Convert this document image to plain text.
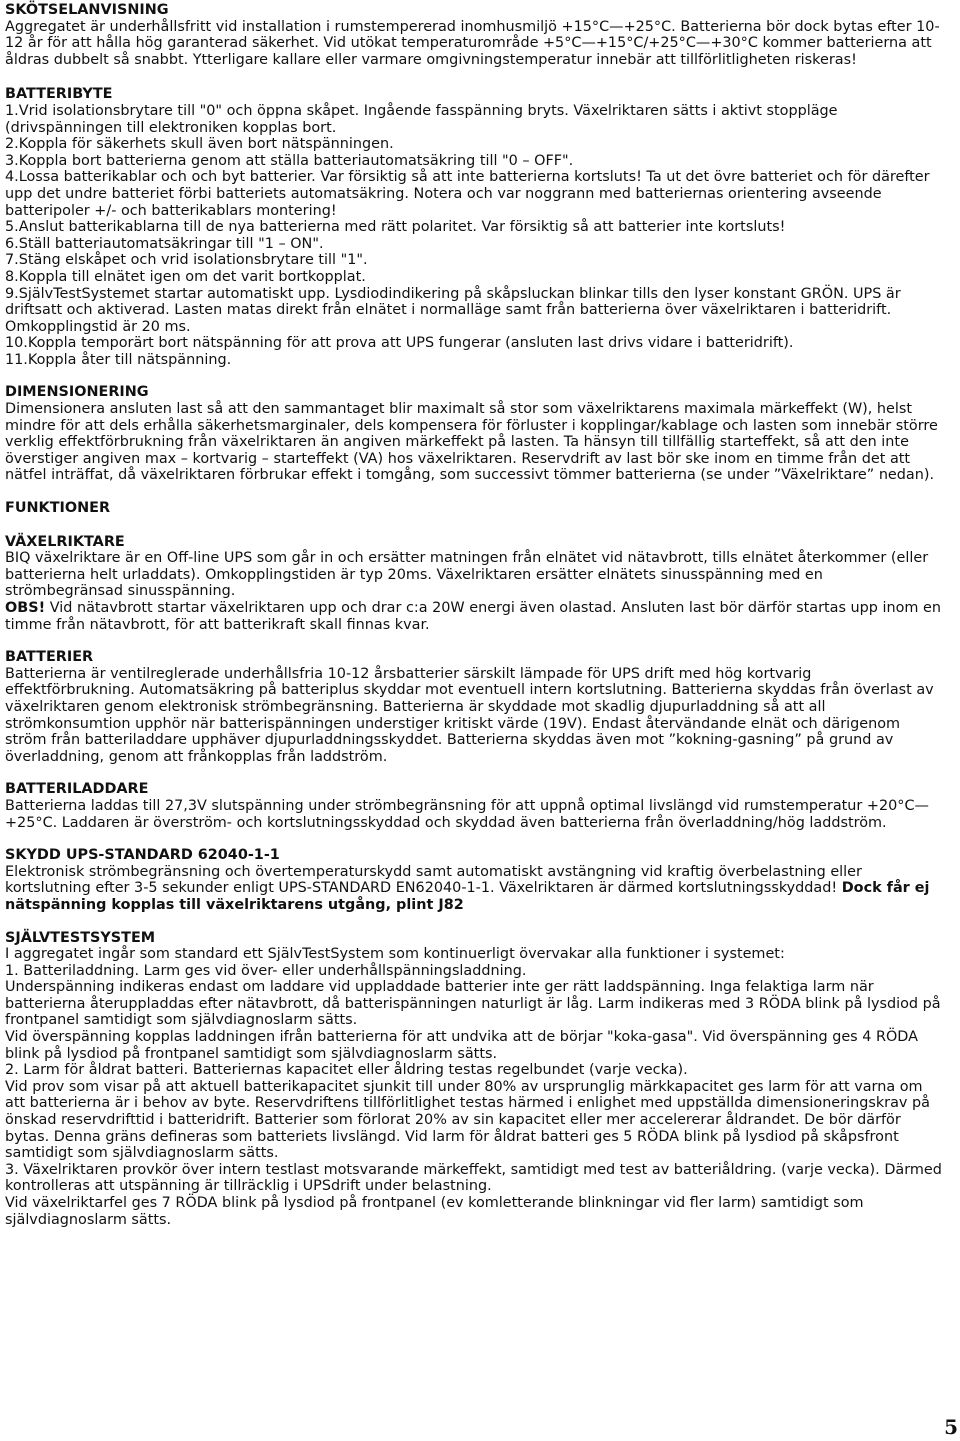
SKÖTSELANVISNING

Aggregatet är underhållsfritt vid installation i rumstempererad inomhusmiljö +15°C—+25°C. Batterierna bör dock bytas efter 10-12 år för att hålla hög garanterad säkerhet. Vid utökat temperaturområde +5°C—+15°C/+25°C—+30°C kommer batterierna att åldras dubbelt så snabbt. Ytterligare kallare eller varmare omgivningstemperatur innebär att tillförlitligheten riskeras!

BATTERIBYTE

1.Vrid isolationsbrytare till "0" och öppna skåpet. Ingående fasspänning bryts. Växelriktaren sätts i aktivt stoppläge (drivspänningen till elektroniken kopplas bort.

2.Koppla för säkerhets skull även bort nätspänningen.

3.Koppla bort batterierna genom att ställa batteriautomatsäkring till "0 – OFF".

4.Lossa batterikablar och och byt batterier. Var försiktig så att inte batterierna kortsluts! Ta ut det övre batteriet och för därefter upp det undre batteriet förbi batteriets automatsäkring. Notera och var noggrann med batteriernas orientering avseende batteripoler +/- och batterikablars montering!

5.Anslut batterikablarna till de nya batterierna med rätt polaritet. Var försiktig så att batterier inte kortsluts!

6.Ställ batteriautomatsäkringar till "1 – ON".

7.Stäng elskåpet och vrid isolationsbrytare till "1".

8.Koppla till elnätet igen om det varit bortkopplat.

9.SjälvTestSystemet startar automatiskt upp. Lysdiodindikering på skåpsluckan blinkar tills den lyser konstant GRÖN. UPS är driftsatt och aktiverad. Lasten matas direkt från elnätet i normalläge samt från batterierna över växelriktaren i batteridrift. Omkopplingstid är 20 ms.

10.Koppla temporärt bort nätspänning för att prova att UPS fungerar (ansluten last drivs vidare i batteridrift).

11.Koppla åter till nätspänning.

DIMENSIONERING

Dimensionera ansluten last så att den sammantaget blir maximalt så stor som växelriktarens maximala märkeffekt (W), helst mindre för att dels erhålla säkerhetsmarginaler, dels kompensera för förluster i kopplingar/kablage och lasten som innebär större verklig effektförbrukning från växelriktaren än angiven märkeffekt på lasten. Ta hänsyn till tillfällig starteffekt, så att den inte överstiger angiven max – kortvarig – starteffekt (VA) hos växelriktaren. Reservdrift av last bör ske inom en timme från det att nätfel inträffat, då växelriktaren förbrukar effekt i tomgång, som successivt tömmer batterierna (se under ”Växelriktare” nedan).

FUNKTIONER
VÄXELRIKTARE

BIQ växelriktare är en Off-line UPS som går in och ersätter matningen från elnätet vid nätavbrott, tills elnätet återkommer (eller batterierna helt urladdats). Omkopplingstiden är typ 20ms. Växelriktaren ersätter elnätets sinusspänning med en strömbegränsad sinusspänning.

OBS! Vid nätavbrott startar växelriktaren upp och drar c:a 20W energi även olastad. Ansluten last bör därför startas upp inom en timme från nätavbrott, för att batterikraft skall finnas kvar.

BATTERIER

Batterierna är ventilreglerade underhållsfria 10-12 årsbatterier särskilt lämpade för UPS drift med hög kortvarig effektförbrukning. Automatsäkring på batteriplus skyddar mot eventuell intern kortslutning. Batterierna skyddas från överlast av växelriktaren genom elektronisk strömbegränsning. Batterierna är skyddade mot skadlig djupurladdning så att all strömkonsumtion upphör när batterispänningen understiger kritiskt värde (19V). Endast återvändande elnät och därigenom ström från batteriladdare upphäver djupurladdningsskyddet. Batterierna skyddas även mot ”kokning-gasning” på grund av överladdning, genom att frånkopplas från laddström.

BATTERILADDARE

Batterierna laddas till 27,3V slutspänning under strömbegränsning för att uppnå optimal livslängd vid rumstemperatur +20°C—+25°C. Laddaren är överström- och kortslutningsskyddad och skyddad även batterierna från överladdning/hög laddström.

SKYDD UPS-STANDARD 62040-1-1

Elektronisk strömbegränsning och övertemperaturskydd samt automatiskt avstängning vid kraftig överbelastning eller kortslutning efter 3-5 sekunder enligt UPS-STANDARD EN62040-1-1. Växelriktaren är därmed kortslutningsskyddad! Dock får ej nätspänning kopplas till växelriktarens utgång, plint J82

SJÄLVTESTSYSTEM

I aggregatet ingår som standard ett SjälvTestSystem som kontinuerligt övervakar alla funktioner i systemet:

1. Batteriladdning. Larm ges vid över- eller underhållspänningsladdning.

Underspänning indikeras endast om laddare vid uppladdade batterier inte ger rätt laddspänning. Inga felaktiga larm när batterierna återuppladdas efter nätavbrott, då batterispänningen naturligt är låg. Larm indikeras med 3 RÖDA blink på lysdiod på frontpanel samtidigt som självdiagnoslarm sätts.

Vid överspänning kopplas laddningen ifrån batterierna för att undvika att de börjar "koka-gasa". Vid överspänning ges 4 RÖDA blink på lysdiod på frontpanel samtidigt som självdiagnoslarm sätts.

2. Larm för åldrat batteri. Batteriernas kapacitet eller åldring testas regelbundet (varje vecka).

Vid prov som visar på att aktuell batterikapacitet sjunkit till under 80% av ursprunglig märkkapacitet ges larm för att varna om att batterierna är i behov av byte. Reservdriftens tillförlitlighet testas härmed i enlighet med uppställda dimensioneringskrav på önskad reservdrifttid i batteridrift. Batterier som förlorat 20% av sin kapacitet eller mer accelererar åldrandet. De bör därför bytas. Denna gräns defineras som batteriets livslängd. Vid larm för åldrat batteri ges 5 RÖDA blink på lysdiod på skåpsfront samtidigt som självdiagnoslarm sätts.

3. Växelriktaren provkör över intern testlast motsvarande märkeffekt, samtidigt med test av batteriåldring. (varje vecka). Därmed kontrolleras att utspänning är tillräcklig i UPSdrift under belastning.

Vid växelriktarfel ges 7 RÖDA blink på lysdiod på frontpanel (ev komletterande blinkningar vid fler larm) samtidigt som självdiagnoslarm sätts.

5
